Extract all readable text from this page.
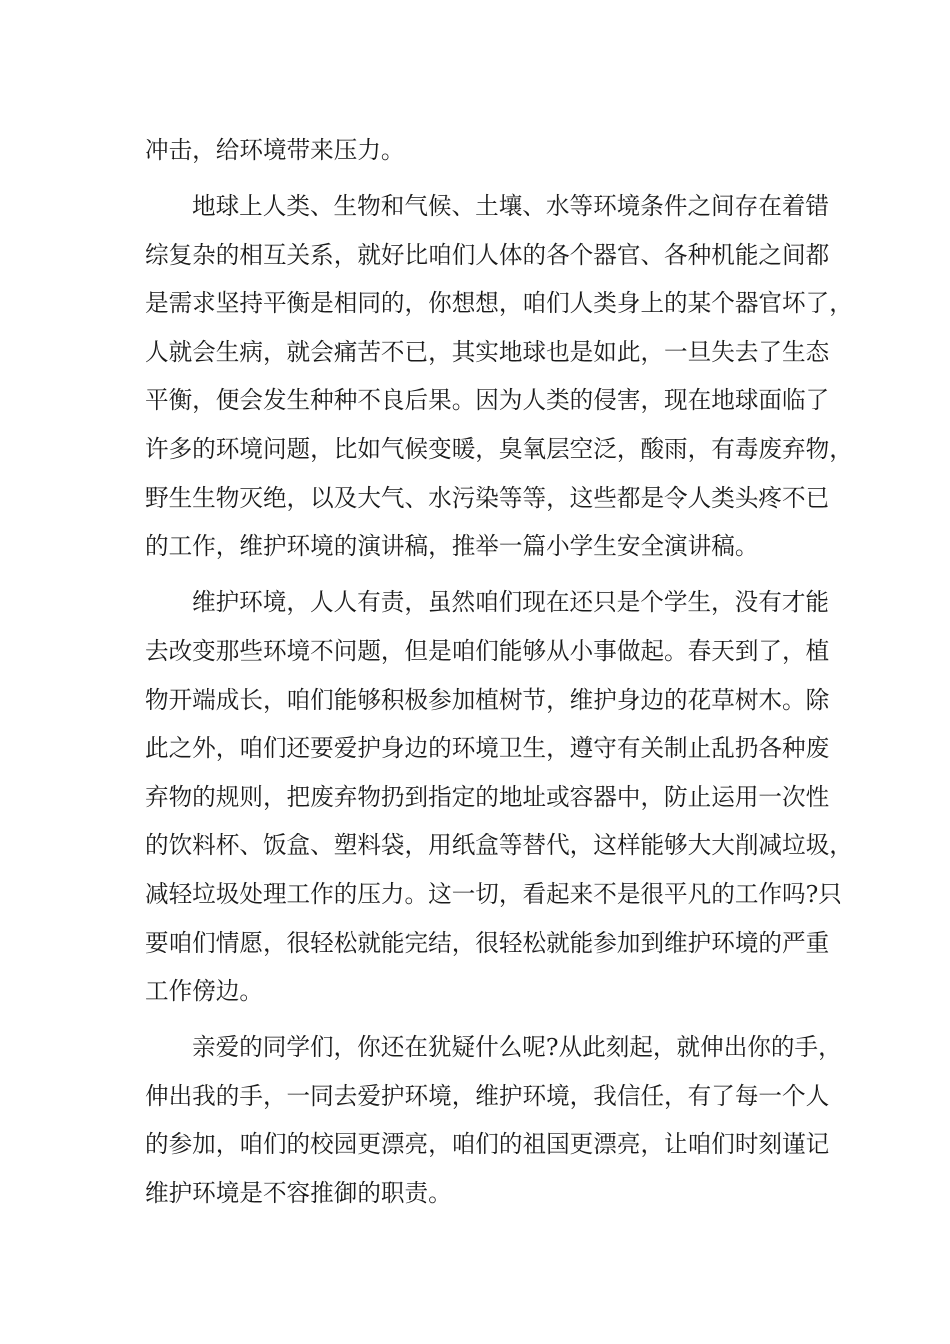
冲击，给环境带来压力。
地球上人类、生物和气候、土壤、水等环境条件之间存在着错
综复杂的相互关系，就好比咱们人体的各个器官、各种机能之间都
是需求坚持平衡是相同的，你想想，咱们人类身上的某个器官坏了，
人就会生病，就会痛苦不已，其实地球也是如此，一旦失去了生态
平衡，便会发生种种不良后果。因为人类的侵害，现在地球面临了
许多的环境问题，比如气候变暖，臭氧层空泛，酸雨，有毒废弃物，
野生生物灭绝，以及大气、水污染等等，这些都是令人类头疼不已
的工作，维护环境的演讲稿，推举一篇小学生安全演讲稿。
维护环境，人人有责，虽然咱们现在还只是个学生，没有才能
去改变那些环境不问题，但是咱们能够从小事做起。春天到了，植
物开端成长，咱们能够积极参加植树节，维护身边的花草树木。除
此之外，咱们还要爱护身边的环境卫生，遵守有关制止乱扔各种废
弃物的规则，把废弃物扔到指定的地址或容器中，防止运用一次性
的饮料杯、饭盒、塑料袋，用纸盒等替代，这样能够大大削减垃圾，
减轻垃圾处理工作的压力。这一切，看起来不是很平凡的工作吗?只
要咱们情愿，很轻松就能完结，很轻松就能参加到维护环境的严重
工作傍边。
亲爱的同学们，你还在犹疑什么呢?从此刻起，就伸出你的手，
伸出我的手，一同去爱护环境，维护环境，我信任，有了每一个人
的参加，咱们的校园更漂亮，咱们的祖国更漂亮，让咱们时刻谨记
维护环境是不容推御的职责。
